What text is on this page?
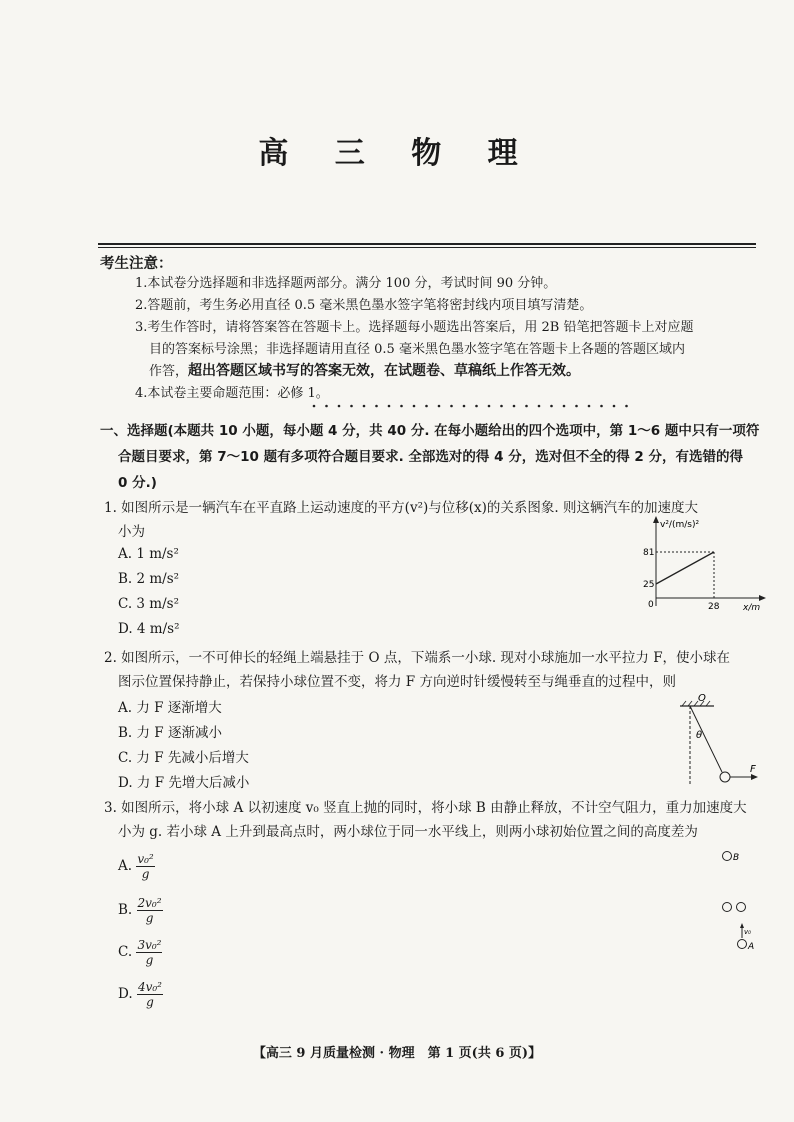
高 三 物 理
考生注意：
1.本试卷分选择题和非选择题两部分。满分 100 分，考试时间 90 分钟。
2.答题前，考生务必用直径 0.5 毫米黑色墨水签字笔将密封线内项目填写清楚。
3.考生作答时，请将答案答在答题卡上。选择题每小题选出答案后，用 2B 铅笔把答题卡上对应题
目的答案标号涂黑；非选择题请用直径 0.5 毫米黑色墨水签字笔在答题卡上各题的答题区域内
作答，超出答题区域书写的答案无效，在试题卷、草稿纸上作答无效。
4.本试卷主要命题范围：必修 1。
一、选择题(本题共 10 小题，每小题 4 分，共 40 分. 在每小题给出的四个选项中，第 1～6 题中只有一项符
合题目要求，第 7～10 题有多项符合题目要求. 全部选对的得 4 分，选对但不全的得 2 分，有选错的得
0 分.)
1. 如图所示是一辆汽车在平直路上运动速度的平方(v²)与位移(x)的关系图象. 则这辆汽车的加速度大
小为
A. 1 m/s²
B. 2 m/s²
C. 3 m/s²
D. 4 m/s²
v²/(m/s)²
x/m
0
25
81
28
2. 如图所示，一不可伸长的轻绳上端悬挂于 O 点，下端系一小球. 现对小球施加一水平拉力 F，使小球在
图示位置保持静止，若保持小球位置不变，将力 F 方向逆时针缓慢转至与绳垂直的过程中，则
A. 力 F 逐渐增大
B. 力 F 逐渐减小
C. 力 F 先减小后增大
D. 力 F 先增大后减小
O
θ
F
3. 如图所示，将小球 A 以初速度 v₀ 竖直上抛的同时，将小球 B 由静止释放，不计空气阻力，重力加速度大
小为 g. 若小球 A 上升到最高点时，两小球位于同一水平线上，则两小球初始位置之间的高度差为
A. $\frac{\text{v₀²}}{g}$
B. $\frac{\text{2v₀²}}{g}$
C. $\frac{\text{3v₀²}}{g}$
D. $\frac{\text{4v₀²}}{g}$
B
v₀
A
【高三 9 月质量检测 · 物理　第 1 页(共 6 页)】
